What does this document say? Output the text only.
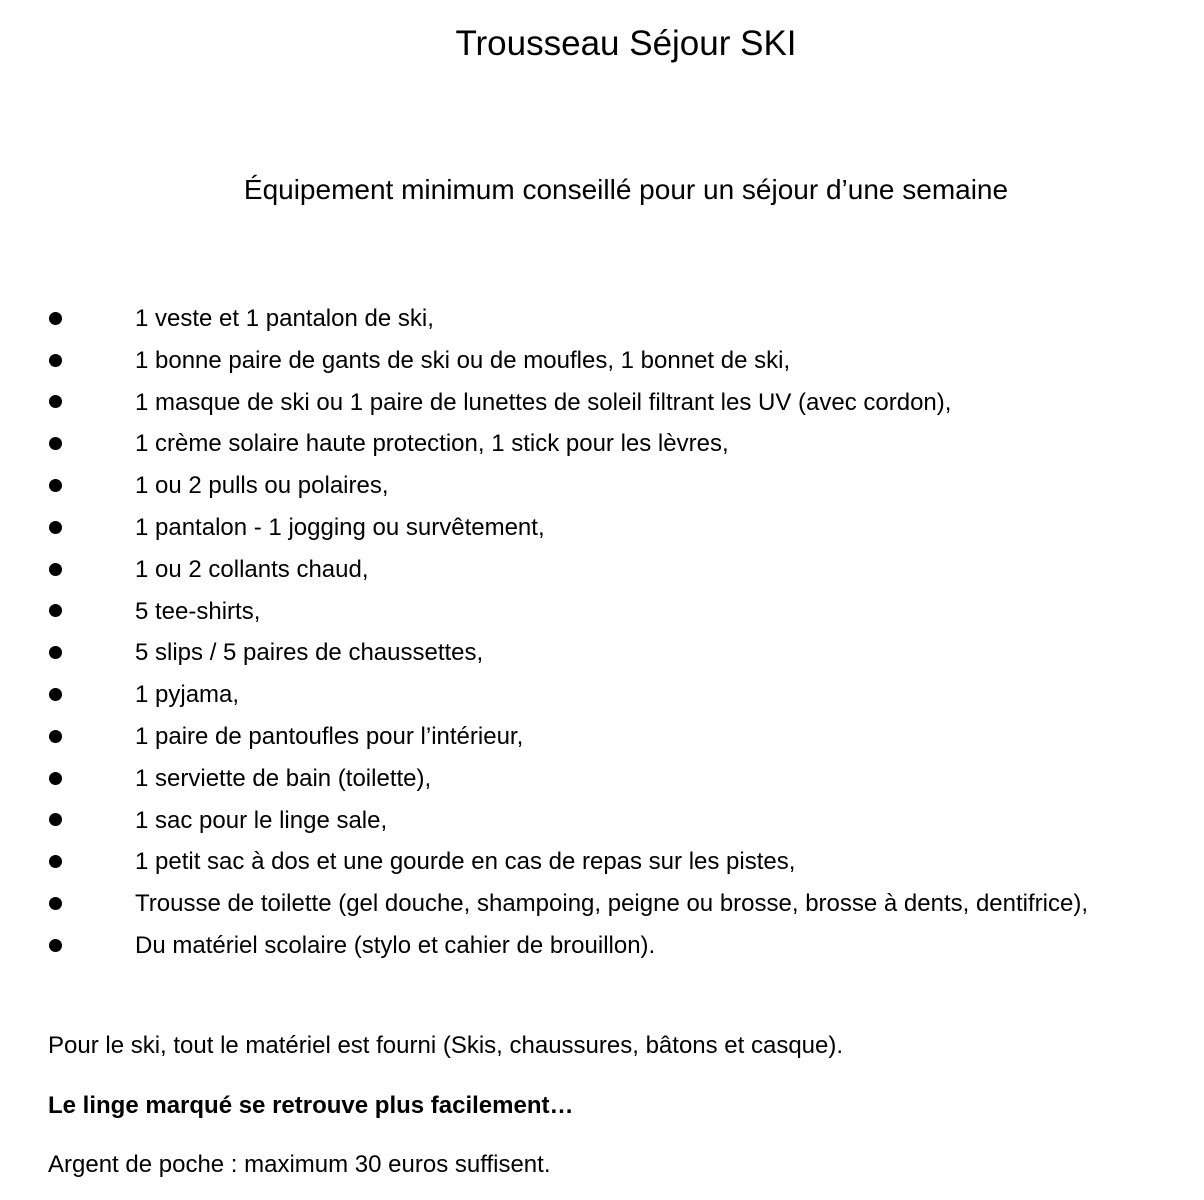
Trousseau Séjour SKI
Équipement minimum conseillé pour un séjour d’une semaine
1 veste et 1 pantalon de ski,
1 bonne paire de gants de ski ou de moufles, 1 bonnet de ski,
1 masque de ski ou 1 paire de lunettes de soleil filtrant les UV (avec cordon),
1 crème solaire haute protection, 1 stick pour les lèvres,
1 ou 2 pulls ou polaires,
1 pantalon - 1 jogging ou survêtement,
1 ou 2 collants chaud,
5 tee-shirts,
5 slips / 5 paires de chaussettes,
1 pyjama,
1 paire de pantoufles pour l’intérieur,
1 serviette de bain (toilette),
1 sac pour le linge sale,
1 petit sac à dos et une gourde en cas de repas sur les pistes,
Trousse de toilette (gel douche, shampoing, peigne ou brosse, brosse à dents, dentifrice),
Du matériel scolaire (stylo et cahier de brouillon).
Pour le ski, tout le matériel est fourni (Skis, chaussures, bâtons et casque).
Le linge marqué se retrouve plus facilement…
Argent de poche : maximum 30 euros suffisent.
